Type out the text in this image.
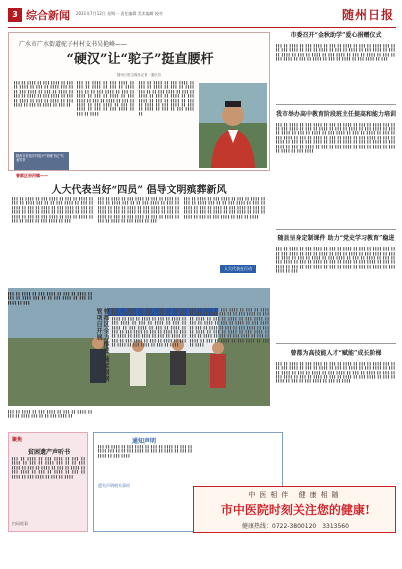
3 综合新闻 2021年7月12日 星期一 责任编辑 美术编辑 校对	随州日报
广水市广水街道驼子村村支书吴艳峰——
“硬汉”让“驼子”挺直腰杆
随州日报全媒体记者 · 通讯员
▍▍▍ ▍▍ ▍▍▍▍ ▍▍ ▍▍▍ ▍▍▍▍ ▍▍ ▍▍▍ ▍▍ ▍▍▍▍ ▍▍ ▍▍▍ ▍▍ ▍▍▍▍ ▍▍▍ ▍▍ ▍▍ ▍▍▍ ▍▍▍▍ ▍▍ ▍▍▍ ▍▍ ▍▍▍▍ ▍▍ ▍▍▍ ▍▍ ▍▍▍▍ ▍▍ ▍▍▍ ▍▍▍▍ ▍▍ ▍▍▍ ▍▍ ▍▍▍▍ ▍▍ ▍▍▍ ▍▍ ▍▍▍▍ ▍▍ ▍▍▍ ▍▍▍▍ ▍▍ ▍▍▍ ▍▍ ▍▍▍▍ ▍▍ ▍▍▍ ▍▍
▍▍▍ ▍▍ ▍▍▍▍ ▍▍ ▍▍▍ ▍▍▍▍ ▍▍ ▍▍▍ ▍▍ ▍▍▍▍ ▍▍ ▍▍▍ ▍▍ ▍▍▍▍ ▍▍▍ ▍▍ ▍▍ ▍▍▍ ▍▍▍▍ ▍▍ ▍▍▍ ▍▍ ▍▍▍▍ ▍▍ ▍▍▍ ▍▍ ▍▍▍▍ ▍▍ ▍▍▍ ▍▍▍▍ ▍▍ ▍▍▍ ▍▍ ▍▍▍▍ ▍▍ ▍▍▍ ▍▍ ▍▍▍▍ ▍▍ ▍▍▍ ▍▍▍▍ ▍▍ ▍▍▍ ▍▍ ▍▍▍▍ ▍▍ ▍▍▍ ▍▍ ▍▍▍ ▍▍▍▍ ▍▍ ▍▍▍ ▍▍ ▍▍▍▍
▍▍▍ ▍▍ ▍▍▍▍ ▍▍ ▍▍▍ ▍▍▍▍ ▍▍ ▍▍▍ ▍▍ ▍▍▍▍ ▍▍ ▍▍▍ ▍▍ ▍▍▍▍ ▍▍▍ ▍▍ ▍▍ ▍▍▍ ▍▍▍▍ ▍▍ ▍▍▍ ▍▍ ▍▍▍▍ ▍▍ ▍▍▍ ▍▍ ▍▍▍▍ ▍▍ ▍▍▍ ▍▍▍▍ ▍▍ ▍▍▍ ▍▍ ▍▍▍▍ ▍▍ ▍▍▍ ▍▍ ▍▍▍▍ ▍▍ ▍▍▍ ▍▍▍▍ ▍▍ ▍▍▍ ▍▍ ▍▍▍▍ ▍▍ ▍▍▍ ▍▍ ▍▍▍ ▍▍▍▍ ▍▍
随州市首批乡村振兴“领雁书记”代表风采
曾都区府河镇——
人大代表当好“四员” 倡导文明殡葬新风
▍▍▍ ▍▍ ▍▍▍▍ ▍▍ ▍▍▍ ▍▍▍▍ ▍▍ ▍▍▍ ▍▍ ▍▍▍▍ ▍▍ ▍▍▍ ▍▍ ▍▍▍▍ ▍▍▍ ▍▍ ▍▍ ▍▍▍ ▍▍▍▍ ▍▍ ▍▍▍ ▍▍ ▍▍▍▍ ▍▍ ▍▍▍ ▍▍ ▍▍▍▍ ▍▍ ▍▍▍ ▍▍▍▍ ▍▍ ▍▍▍ ▍▍ ▍▍▍▍ ▍▍ ▍▍▍ ▍▍ ▍▍▍▍ ▍▍ ▍▍▍ ▍▍▍▍ ▍▍ ▍▍▍ ▍▍ ▍▍▍▍ ▍▍ ▍▍▍ ▍▍ ▍▍▍ ▍▍▍▍ ▍▍ ▍▍▍ ▍▍ ▍▍▍▍ ▍▍ ▍▍▍ ▍▍ ▍▍▍▍ ▍▍ ▍▍▍ ▍▍▍▍ ▍▍ ▍▍▍
▍▍▍ ▍▍ ▍▍▍▍ ▍▍ ▍▍▍ ▍▍▍▍ ▍▍ ▍▍▍ ▍▍ ▍▍▍▍ ▍▍ ▍▍▍ ▍▍ ▍▍▍▍ ▍▍▍ ▍▍ ▍▍ ▍▍▍ ▍▍▍▍ ▍▍ ▍▍▍ ▍▍ ▍▍▍▍ ▍▍ ▍▍▍ ▍▍ ▍▍▍▍ ▍▍ ▍▍▍ ▍▍▍▍ ▍▍ ▍▍▍ ▍▍ ▍▍▍▍ ▍▍ ▍▍▍ ▍▍ ▍▍▍▍ ▍▍ ▍▍▍ ▍▍▍▍ ▍▍ ▍▍▍ ▍▍ ▍▍▍▍ ▍▍ ▍▍▍ ▍▍ ▍▍▍ ▍▍▍▍ ▍▍ ▍▍▍ ▍▍ ▍▍▍▍ ▍▍ ▍▍▍ ▍▍ ▍▍▍▍ ▍▍ ▍▍▍ ▍▍▍▍ ▍▍ ▍▍▍
▍▍▍ ▍▍ ▍▍▍▍ ▍▍ ▍▍▍ ▍▍▍▍ ▍▍ ▍▍▍ ▍▍ ▍▍▍▍ ▍▍ ▍▍▍ ▍▍ ▍▍▍▍ ▍▍▍ ▍▍ ▍▍ ▍▍▍ ▍▍▍▍ ▍▍ ▍▍▍ ▍▍ ▍▍▍▍ ▍▍ ▍▍▍ ▍▍ ▍▍▍▍ ▍▍ ▍▍▍ ▍▍▍▍ ▍▍ ▍▍▍ ▍▍ ▍▍▍▍ ▍▍ ▍▍▍ ▍▍ ▍▍▍▍ ▍▍ ▍▍▍ ▍▍▍▍ ▍▍ ▍▍▍ ▍▍ ▍▍▍▍ ▍▍ ▍▍▍ ▍▍ ▍▍▍ ▍▍▍▍ ▍▍ ▍▍▍ ▍▍ ▍▍▍▍
人大代表在行动
▍▍▍ ▍▍ ▍▍▍▍ ▍▍ ▍▍▍ ▍▍▍▍ ▍▍ ▍▍▍ ▍▍ ▍▍▍▍ ▍▍ ▍▍▍ ▍▍ ▍▍▍▍ ▍▍▍ ▍▍ ▍▍ ▍▍▍ ▍▍▍▍ ▍▍ ▍▍▍ ▍▍ ▍▍▍▍ ▍▍ ▍▍▍
曾都区全力推进 蔬菜钢钢管项目开展
▍▍▍ ▍▍ ▍▍▍▍ ▍▍ ▍▍▍ ▍▍▍▍ ▍▍ ▍▍▍ ▍▍ ▍▍▍▍ ▍▍ ▍▍▍ ▍▍ ▍▍▍▍ ▍▍▍ ▍▍ ▍▍ ▍▍▍ ▍▍▍▍ ▍▍
▍▍▍ ▍▍ ▍▍▍▍ ▍▍ ▍▍▍ ▍▍▍▍ ▍▍ ▍▍▍ ▍▍ ▍▍▍▍ ▍▍ ▍▍▍ ▍▍ ▍▍▍▍ ▍▍▍ ▍▍ ▍▍ ▍▍▍ ▍▍▍▍ ▍▍ ▍▍▍ ▍▍ ▍▍▍▍ ▍▍ ▍▍▍ ▍▍ ▍▍▍▍ ▍▍ ▍▍▍ ▍▍▍▍ ▍▍ ▍▍▍ ▍▍ ▍▍▍▍ ▍▍ ▍▍▍ ▍▍ ▍▍▍▍ ▍▍ ▍▍▍ ▍▍▍▍ ▍▍ ▍▍▍ ▍▍ ▍▍▍▍ ▍▍ ▍▍▍ ▍▍ ▍▍▍ ▍▍▍▍ ▍▍ ▍▍▍ ▍▍ ▍▍▍▍ ▍▍ ▍▍▍ ▍▍ ▍▍▍▍ ▍▍ ▍▍▍ ▍▍▍▍ ▍▍ ▍▍▍ ▍▍ ▍▍▍▍ ▍▍ ▍▍▍ ▍▍ ▍▍▍ ▍▍▍▍ ▍▍ ▍▍▍ ▍▍ ▍▍▍▍ ▍▍ ▍▍▍ ▍▍ ▍▍▍▍ ▍▍ ▍▍▍ ▍▍▍▍ ▍▍ ▍▍▍ ▍▍ ▍▍▍▍
▍▍▍ ▍▍ ▍▍▍▍ ▍▍ ▍▍▍ ▍▍▍▍ ▍▍ ▍▍▍ ▍▍ ▍▍▍▍ ▍▍ ▍▍▍ ▍▍ ▍▍▍▍ ▍▍▍ ▍▍ ▍▍ ▍▍▍ ▍▍▍▍ ▍▍ ▍▍▍ ▍▍ ▍▍▍▍ ▍▍ ▍▍▍ ▍▍ ▍▍▍▍ ▍▍ ▍▍▍ ▍▍▍▍ ▍▍ ▍▍▍ ▍▍ ▍▍▍▍ ▍▍ ▍▍▍ ▍▍ ▍▍▍▍ ▍▍ ▍▍▍ ▍▍▍▍ ▍▍ ▍▍▍ ▍▍ ▍▍▍▍ ▍▍ ▍▍▍ ▍▍ ▍▍▍ ▍▍▍▍ ▍▍ ▍▍▍ ▍▍ ▍▍▍▍ ▍▍ ▍▍▍ ▍▍ ▍▍▍▍ ▍▍ ▍▍▍ ▍▍▍▍ ▍▍ ▍▍▍ ▍▍ ▍▍▍▍ ▍▍ ▍▍▍ ▍▍ ▍▍▍ ▍▍▍▍ ▍▍ ▍▍▍ ▍▍ ▍▍▍▍ ▍▍ ▍▍▍ ▍▍ ▍▍▍▍ ▍▍ ▍▍▍ ▍▍▍▍ ▍▍ ▍▍▍ ▍▍ ▍▍▍▍
市委召开“金秋助学”爱心捐赠仪式
▍▍▍ ▍▍ ▍▍▍▍ ▍▍ ▍▍▍ ▍▍▍▍ ▍▍ ▍▍▍ ▍▍ ▍▍▍▍ ▍▍ ▍▍▍ ▍▍ ▍▍▍▍ ▍▍▍ ▍▍ ▍▍ ▍▍▍ ▍▍▍▍ ▍▍ ▍▍▍ ▍▍ ▍▍▍▍ ▍▍ ▍▍▍ ▍▍ ▍▍▍▍ ▍▍ ▍▍▍ ▍▍▍▍ ▍▍ ▍▍▍ ▍▍ ▍▍▍▍ ▍▍ ▍▍▍ ▍▍ ▍▍▍▍ ▍▍ ▍▍▍ ▍▍▍▍ ▍▍ ▍▍▍ ▍▍ ▍▍▍▍ ▍▍ ▍▍▍ ▍▍ ▍▍▍ ▍▍▍▍ ▍▍ ▍▍▍ ▍▍ ▍▍▍▍ ▍▍ ▍▍▍ ▍▍ ▍▍▍▍ ▍▍ ▍▍▍ ▍▍▍▍ ▍▍ ▍▍▍
我市举办高中教育阶段班主任提高和能力培训
▍▍▍ ▍▍ ▍▍▍▍ ▍▍ ▍▍▍ ▍▍▍▍ ▍▍ ▍▍▍ ▍▍ ▍▍▍▍ ▍▍ ▍▍▍ ▍▍ ▍▍▍▍ ▍▍▍ ▍▍ ▍▍ ▍▍▍ ▍▍▍▍ ▍▍ ▍▍▍ ▍▍ ▍▍▍▍ ▍▍ ▍▍▍ ▍▍ ▍▍▍▍ ▍▍ ▍▍▍ ▍▍▍▍ ▍▍ ▍▍▍ ▍▍ ▍▍▍▍ ▍▍ ▍▍▍ ▍▍ ▍▍▍▍ ▍▍ ▍▍▍ ▍▍▍▍ ▍▍ ▍▍▍ ▍▍ ▍▍▍▍ ▍▍ ▍▍▍ ▍▍ ▍▍▍ ▍▍▍▍ ▍▍ ▍▍▍ ▍▍ ▍▍▍▍ ▍▍ ▍▍▍ ▍▍ ▍▍▍▍ ▍▍ ▍▍▍ ▍▍▍▍ ▍▍ ▍▍▍ ▍▍ ▍▍▍▍ ▍▍ ▍▍▍ ▍▍ ▍▍▍ ▍▍▍▍ ▍▍ ▍▍▍ ▍▍ ▍▍▍▍ ▍▍ ▍▍▍ ▍▍ ▍▍▍▍ ▍▍ ▍▍▍ ▍▍▍▍ ▍▍ ▍▍▍ ▍▍ ▍▍▍▍ ▍▍ ▍▍▍ ▍▍ ▍▍▍ ▍▍▍▍ ▍▍ ▍▍▍ ▍▍ ▍▍▍▍ ▍▍ ▍▍▍ ▍▍ ▍▍▍▍ ▍▍ ▍▍▍ ▍▍▍▍
随县呈身定制课件 助力“党史学习教育”稳进
▍▍▍ ▍▍ ▍▍▍▍ ▍▍ ▍▍▍ ▍▍▍▍ ▍▍ ▍▍▍ ▍▍ ▍▍▍▍ ▍▍ ▍▍▍ ▍▍ ▍▍▍▍ ▍▍▍ ▍▍ ▍▍ ▍▍▍ ▍▍▍▍ ▍▍ ▍▍▍ ▍▍ ▍▍▍▍ ▍▍ ▍▍▍ ▍▍ ▍▍▍▍ ▍▍ ▍▍▍ ▍▍▍▍ ▍▍ ▍▍▍ ▍▍ ▍▍▍▍ ▍▍ ▍▍▍ ▍▍ ▍▍▍▍ ▍▍ ▍▍▍ ▍▍▍▍ ▍▍ ▍▍▍ ▍▍ ▍▍▍▍ ▍▍ ▍▍▍ ▍▍ ▍▍▍ ▍▍▍▍ ▍▍ ▍▍▍ ▍▍ ▍▍▍▍ ▍▍ ▍▍▍ ▍▍ ▍▍▍▍ ▍▍ ▍▍▍ ▍▍▍▍ ▍▍ ▍▍▍ ▍▍ ▍▍▍▍ ▍▍ ▍▍▍ ▍▍ ▍▍▍ ▍▍▍▍ ▍▍ ▍▍▍ ▍▍ ▍▍▍▍ ▍▍ ▍▍▍ ▍▍ ▍▍▍▍ ▍▍ ▍▍▍ ▍▍▍▍ ▍▍ ▍▍▍
曾都为高技能人才“赋能”成长阶梯
▍▍▍ ▍▍ ▍▍▍▍ ▍▍ ▍▍▍ ▍▍▍▍ ▍▍ ▍▍▍ ▍▍ ▍▍▍▍ ▍▍ ▍▍▍ ▍▍ ▍▍▍▍ ▍▍▍ ▍▍ ▍▍ ▍▍▍ ▍▍▍▍ ▍▍ ▍▍▍ ▍▍ ▍▍▍▍ ▍▍ ▍▍▍ ▍▍ ▍▍▍▍ ▍▍ ▍▍▍ ▍▍▍▍ ▍▍ ▍▍▍ ▍▍ ▍▍▍▍ ▍▍ ▍▍▍ ▍▍ ▍▍▍▍ ▍▍ ▍▍▍ ▍▍▍▍ ▍▍ ▍▍▍ ▍▍ ▍▍▍▍ ▍▍ ▍▍▍ ▍▍ ▍▍▍ ▍▍▍▍ ▍▍ ▍▍▍ ▍▍ ▍▍▍▍ ▍▍ ▍▍▍ ▍▍ ▍▍▍▍ ▍▍ ▍▍▍ ▍▍▍▍ ▍▍ ▍▍▍ ▍▍ ▍▍▍▍ ▍▍ ▍▍▍ ▍▍ ▍▍▍ ▍▍▍▍ ▍▍ ▍▍▍ ▍▍ ▍▍▍▍
聚焦
贫困遗产声听书
▍▍▍ ▍▍ ▍▍▍▍ ▍▍ ▍▍▍ ▍▍▍▍ ▍▍ ▍▍▍ ▍▍ ▍▍▍▍ ▍▍ ▍▍▍ ▍▍ ▍▍▍▍ ▍▍▍ ▍▍ ▍▍ ▍▍▍ ▍▍▍▍ ▍▍ ▍▍▍ ▍▍ ▍▍▍▍ ▍▍ ▍▍▍ ▍▍ ▍▍▍▍ ▍▍ ▍▍▍ ▍▍▍▍ ▍▍ ▍▍▍ ▍▍ ▍▍▍▍ ▍▍ ▍▍▍ ▍▍ ▍▍▍▍ ▍▍ ▍▍▍ ▍▍▍▍ ▍▍ ▍▍▍ ▍▍ ▍▍▍▍
扫码收看
通知声明
▍▍▍ ▍▍ ▍▍▍▍ ▍▍ ▍▍▍ ▍▍▍▍ ▍▍ ▍▍▍ ▍▍ ▍▍▍▍ ▍▍ ▍▍▍ ▍▍ ▍▍▍▍ ▍▍▍ ▍▍ ▍▍ ▍▍▍ ▍▍▍▍ ▍▍ ▍▍▍ ▍▍ ▍▍▍▍ ▍▍ ▍▍▍ ▍▍ ▍▍▍▍ ▍▍ ▍▍▍ ▍▍▍▍
遗失声明相关事项
中医相伴 健康相随
市中医院时刻关注您的健康!
健康热线：0722-3800120　3313560
